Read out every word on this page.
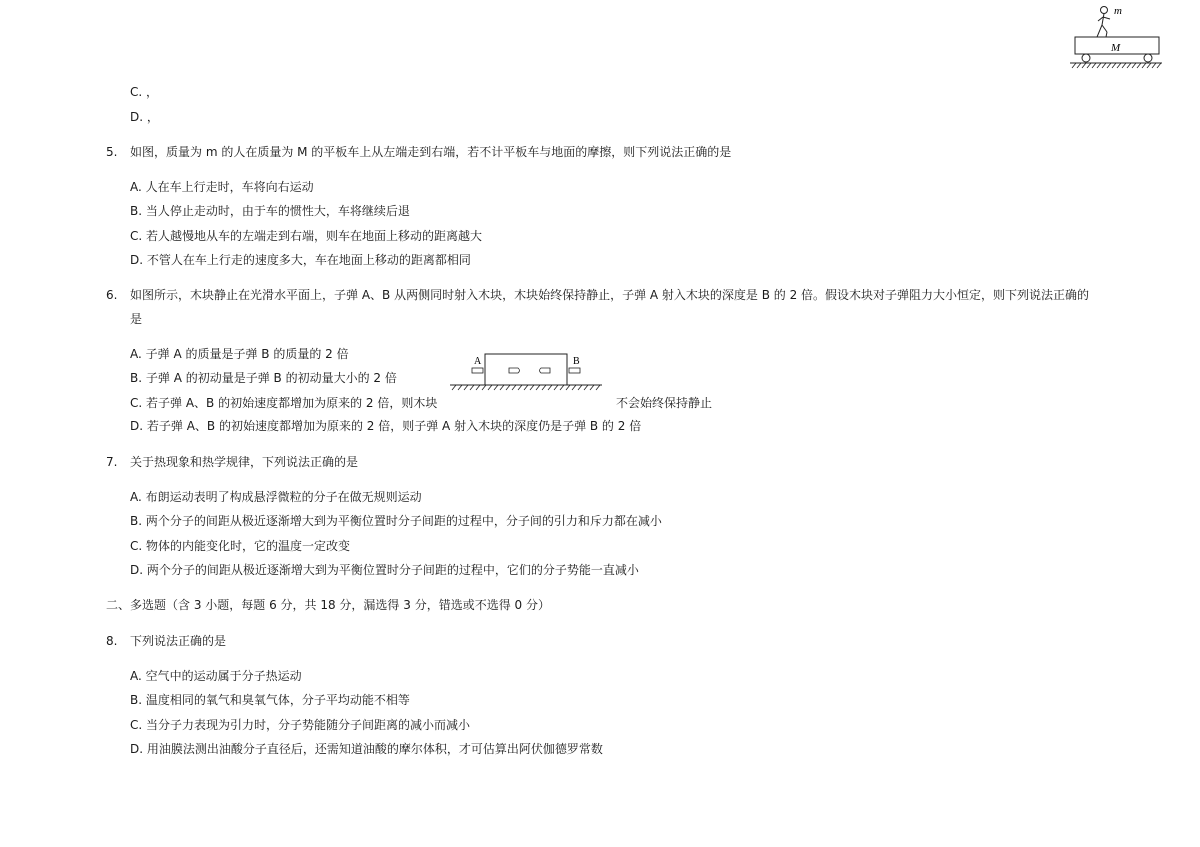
m
M
C. ，
D. ，
5. 如图，质量为 m 的人在质量为 M 的平板车上从左端走到右端，若不计平板车与地面的摩擦，则下列说法正确的是
A. 人在车上行走时，车将向右运动
B. 当人停止走动时，由于车的惯性大，车将继续后退
C. 若人越慢地从车的左端走到右端，则车在地面上移动的距离越大
D. 不管人在车上行走的速度多大，车在地面上移动的距离都相同
6. 如图所示，木块静止在光滑水平面上，子弹 A、B 从两侧同时射入木块，木块始终保持静止，子弹 A 射入木块的深度是 B 的 2 倍。假设木块对子弹阻力大小恒定，则下列说法正确的
是
A. 子弹 A 的质量是子弹 B 的质量的 2 倍
B. 子弹 A 的初动量是子弹 B 的初动量大小的 2 倍
C. 若子弹 A、B 的初始速度都增加为原来的 2 倍，则木块	不会始终保持静止
D. 若子弹 A、B 的初始速度都增加为原来的 2 倍，则子弹 A 射入木块的深度仍是子弹 B 的 2 倍
A	B
7. 关于热现象和热学规律，下列说法正确的是
A. 布朗运动表明了构成悬浮微粒的分子在做无规则运动
B. 两个分子的间距从极近逐渐增大到为平衡位置时分子间距的过程中，分子间的引力和斥力都在减小
C. 物体的内能变化时，它的温度一定改变
D. 两个分子的间距从极近逐渐增大到为平衡位置时分子间距的过程中，它们的分子势能一直减小
二、多选题（含 3 小题，每题 6 分，共 18 分，漏选得 3 分，错选或不选得 0 分）
8. 下列说法正确的是
A. 空气中的运动属于分子热运动
B. 温度相同的氧气和臭氧气体，分子平均动能不相等
C. 当分子力表现为引力时，分子势能随分子间距离的减小而减小
D. 用油膜法测出油酸分子直径后，还需知道油酸的摩尔体积，才可估算出阿伏伽德罗常数
